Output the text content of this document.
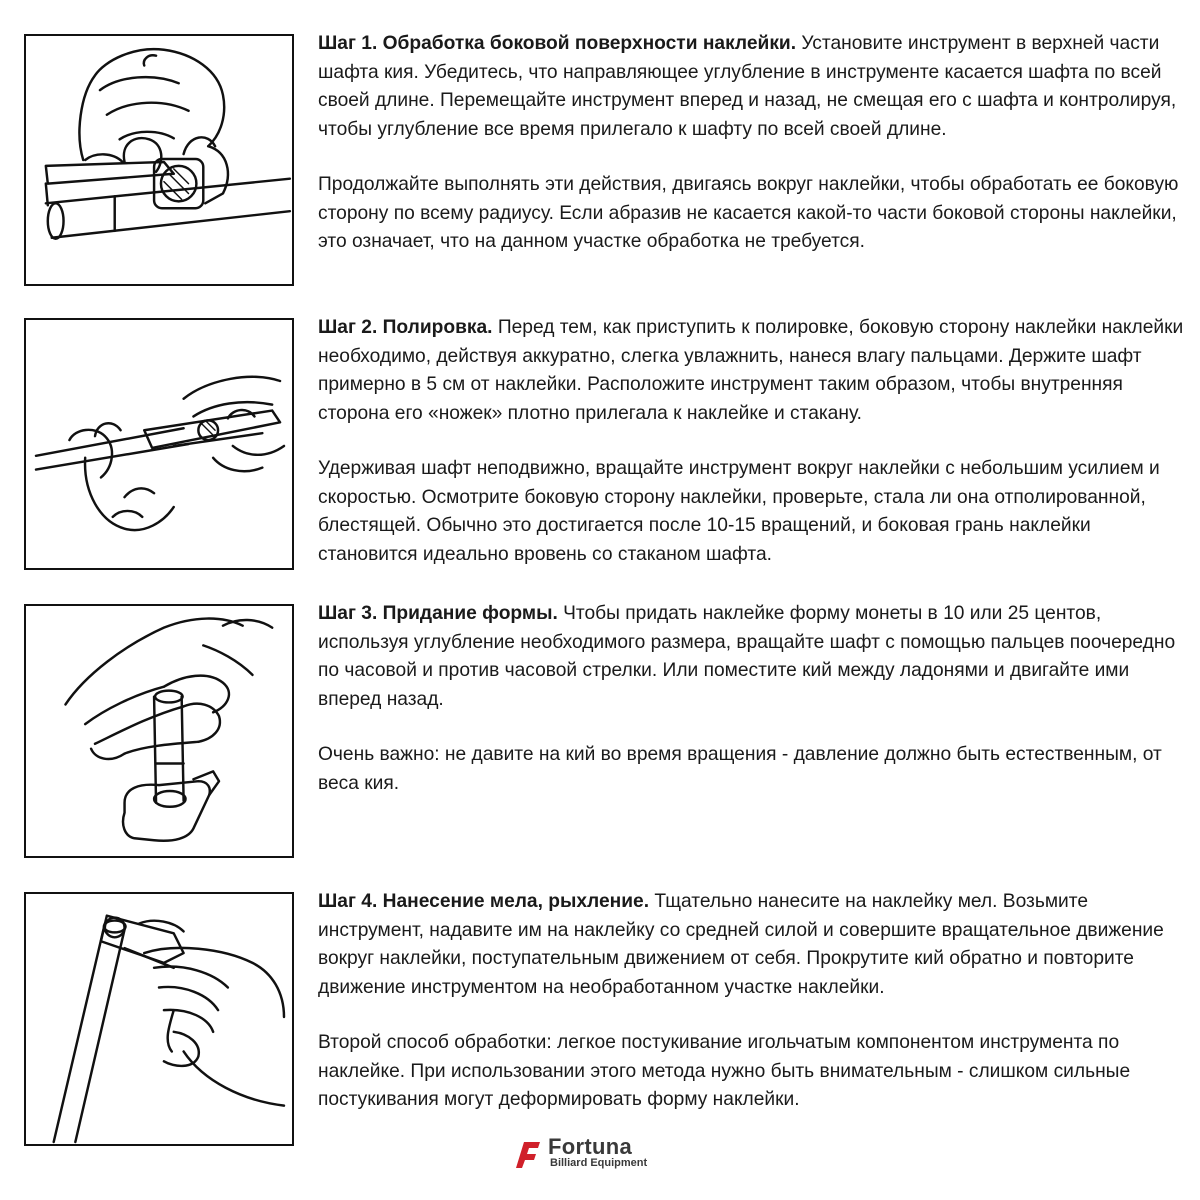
Шаг 1. Обработка боковой поверхности наклейки. Установите инструмент в верхней части шафта кия. Убедитесь, что направляющее углубление в инструменте касается шафта по всей своей длине. Перемещайте инструмент вперед и назад, не смещая его с шафта и контролируя, чтобы углубление все время прилегало к шафту по всей своей длине.

Продолжайте выполнять эти действия, двигаясь вокруг наклейки, чтобы обработать ее боковую сторону по всему радиусу. Если абразив не касается какой-то части боковой стороны наклейки, это означает, что на данном участке обработка не требуется.

Шаг 2. Полировка. Перед тем, как приступить к полировке, боковую сторону наклейки наклейки необходимо, действуя аккуратно, слегка увлажнить, нанеся влагу пальцами. Держите шафт примерно в 5 см от наклейки. Расположите инструмент таким образом, чтобы внутренняя сторона его «ножек» плотно прилегала к наклейке и стакану.

Удерживая шафт неподвижно, вращайте инструмент вокруг наклейки с небольшим усилием и скоростью. Осмотрите боковую сторону наклейки, проверьте, стала ли она отполированной, блестящей. Обычно это достигается после 10-15 вращений, и боковая грань наклейки становится идеально вровень со стаканом шафта.

Шаг 3. Придание формы. Чтобы придать наклейке форму монеты в 10 или 25 центов, используя углубление необходимого размера, вращайте шафт с помощью пальцев поочередно по часовой и против часовой стрелки. Или поместите кий между ладонями и двигайте ими вперед назад.

Очень важно: не давите на кий во время вращения - давление должно быть естественным, от веса кия.

Шаг 4. Нанесение мела, рыхление. Тщательно нанесите на наклейку мел. Возьмите инструмент, надавите им на наклейку со средней силой и совершите вращательное движение вокруг наклейки, поступательным движением от себя. Прокрутите кий обратно и повторите движение инструментом на необработанном участке наклейки.

Второй способ обработки: легкое постукивание игольчатым компонентом инструмента по наклейке. При использовании этого метода нужно быть внимательным - слишком сильные постукивания могут деформировать форму наклейки.

Fortuna
Billiard Equipment
